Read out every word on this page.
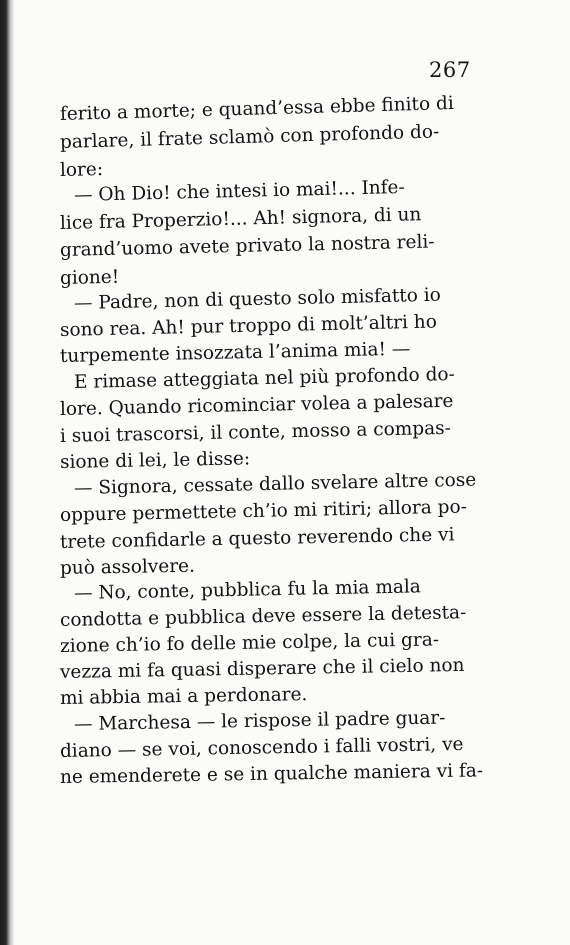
267
ferito a morte; e quand’essa ebbe finito di
parlare, il frate sclamò con profondo do-
lore:
— Oh Dio! che intesi io mai!... Infe-
lice fra Properzio!... Ah! signora, di un
grand’uomo avete privato la nostra reli-
gione!
— Padre, non di questo solo misfatto io
sono rea. Ah! pur troppo di molt’altri ho
turpemente insozzata l’anima mia! —
E rimase atteggiata nel più profondo do-
lore. Quando ricominciar volea a palesare
i suoi trascorsi, il conte, mosso a compas-
sione di lei, le disse:
— Signora, cessate dallo svelare altre cose
oppure permettete ch’io mi ritiri; allora po-
trete confidarle a questo reverendo che vi
può assolvere.
— No, conte, pubblica fu la mia mala
condotta e pubblica deve essere la detesta-
zione ch’io fo delle mie colpe, la cui gra-
vezza mi fa quasi disperare che il cielo non
mi abbia mai a perdonare.
— Marchesa — le rispose il padre guar-
diano — se voi, conoscendo i falli vostri, ve
ne emenderete e se in qualche maniera vi fa-
